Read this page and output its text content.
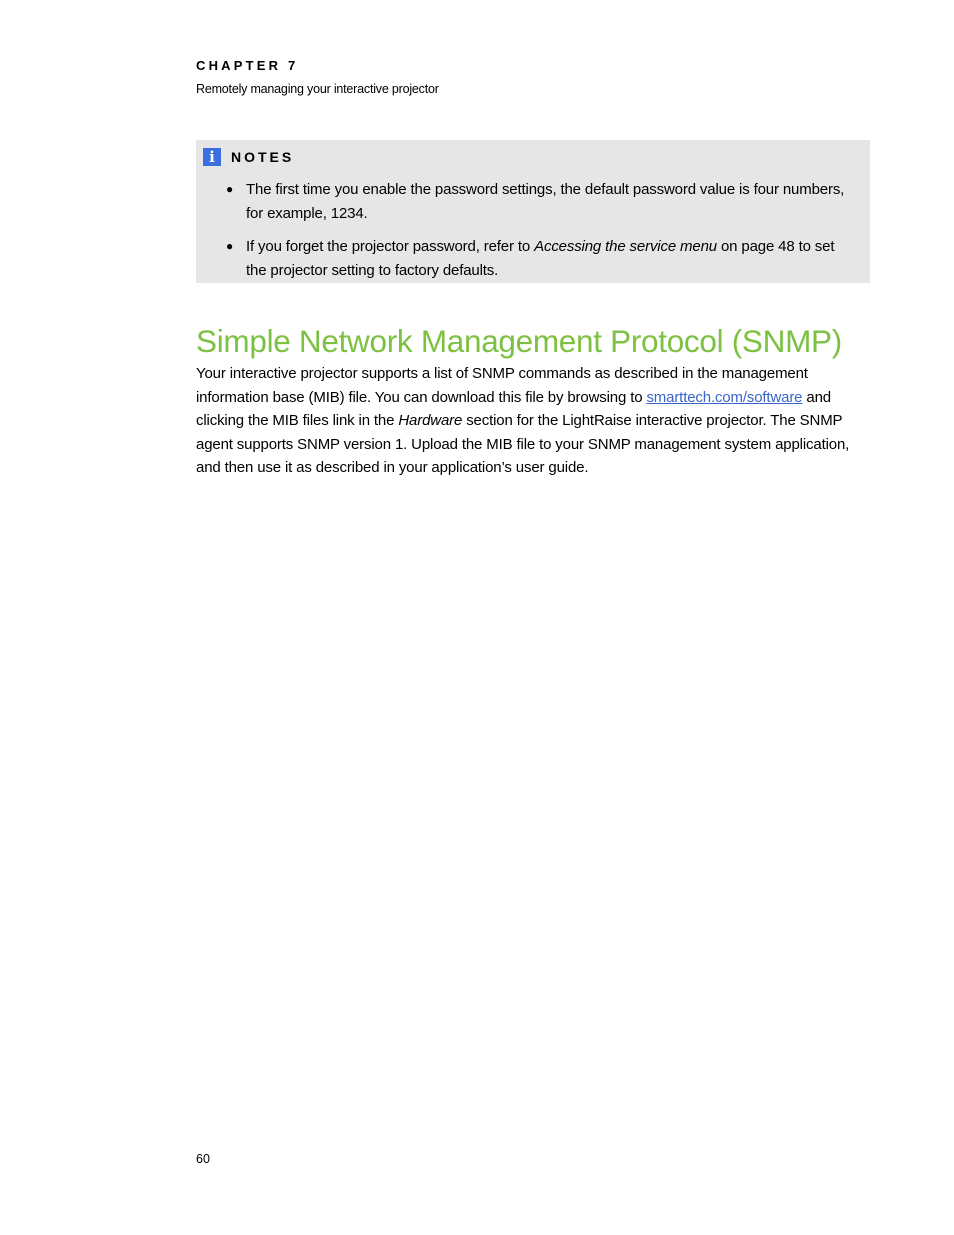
CHAPTER 7

Remotely managing your interactive projector

i	NOTES
● The first time you enable the password settings, the default password value is four numbers, for example, 1234.
● If you forget the projector password, refer to Accessing the service menu on page 48 to set the projector setting to factory defaults.
Simple Network Management Protocol (SNMP)

Your interactive projector supports a list of SNMP commands as described in the management information base (MIB) file. You can download this file by browsing to smarttech.com/software and clicking the MIB files link in the Hardware section for the LightRaise interactive projector. The SNMP agent supports SNMP version 1. Upload the MIB file to your SNMP management system application, and then use it as described in your application’s user guide.

60
